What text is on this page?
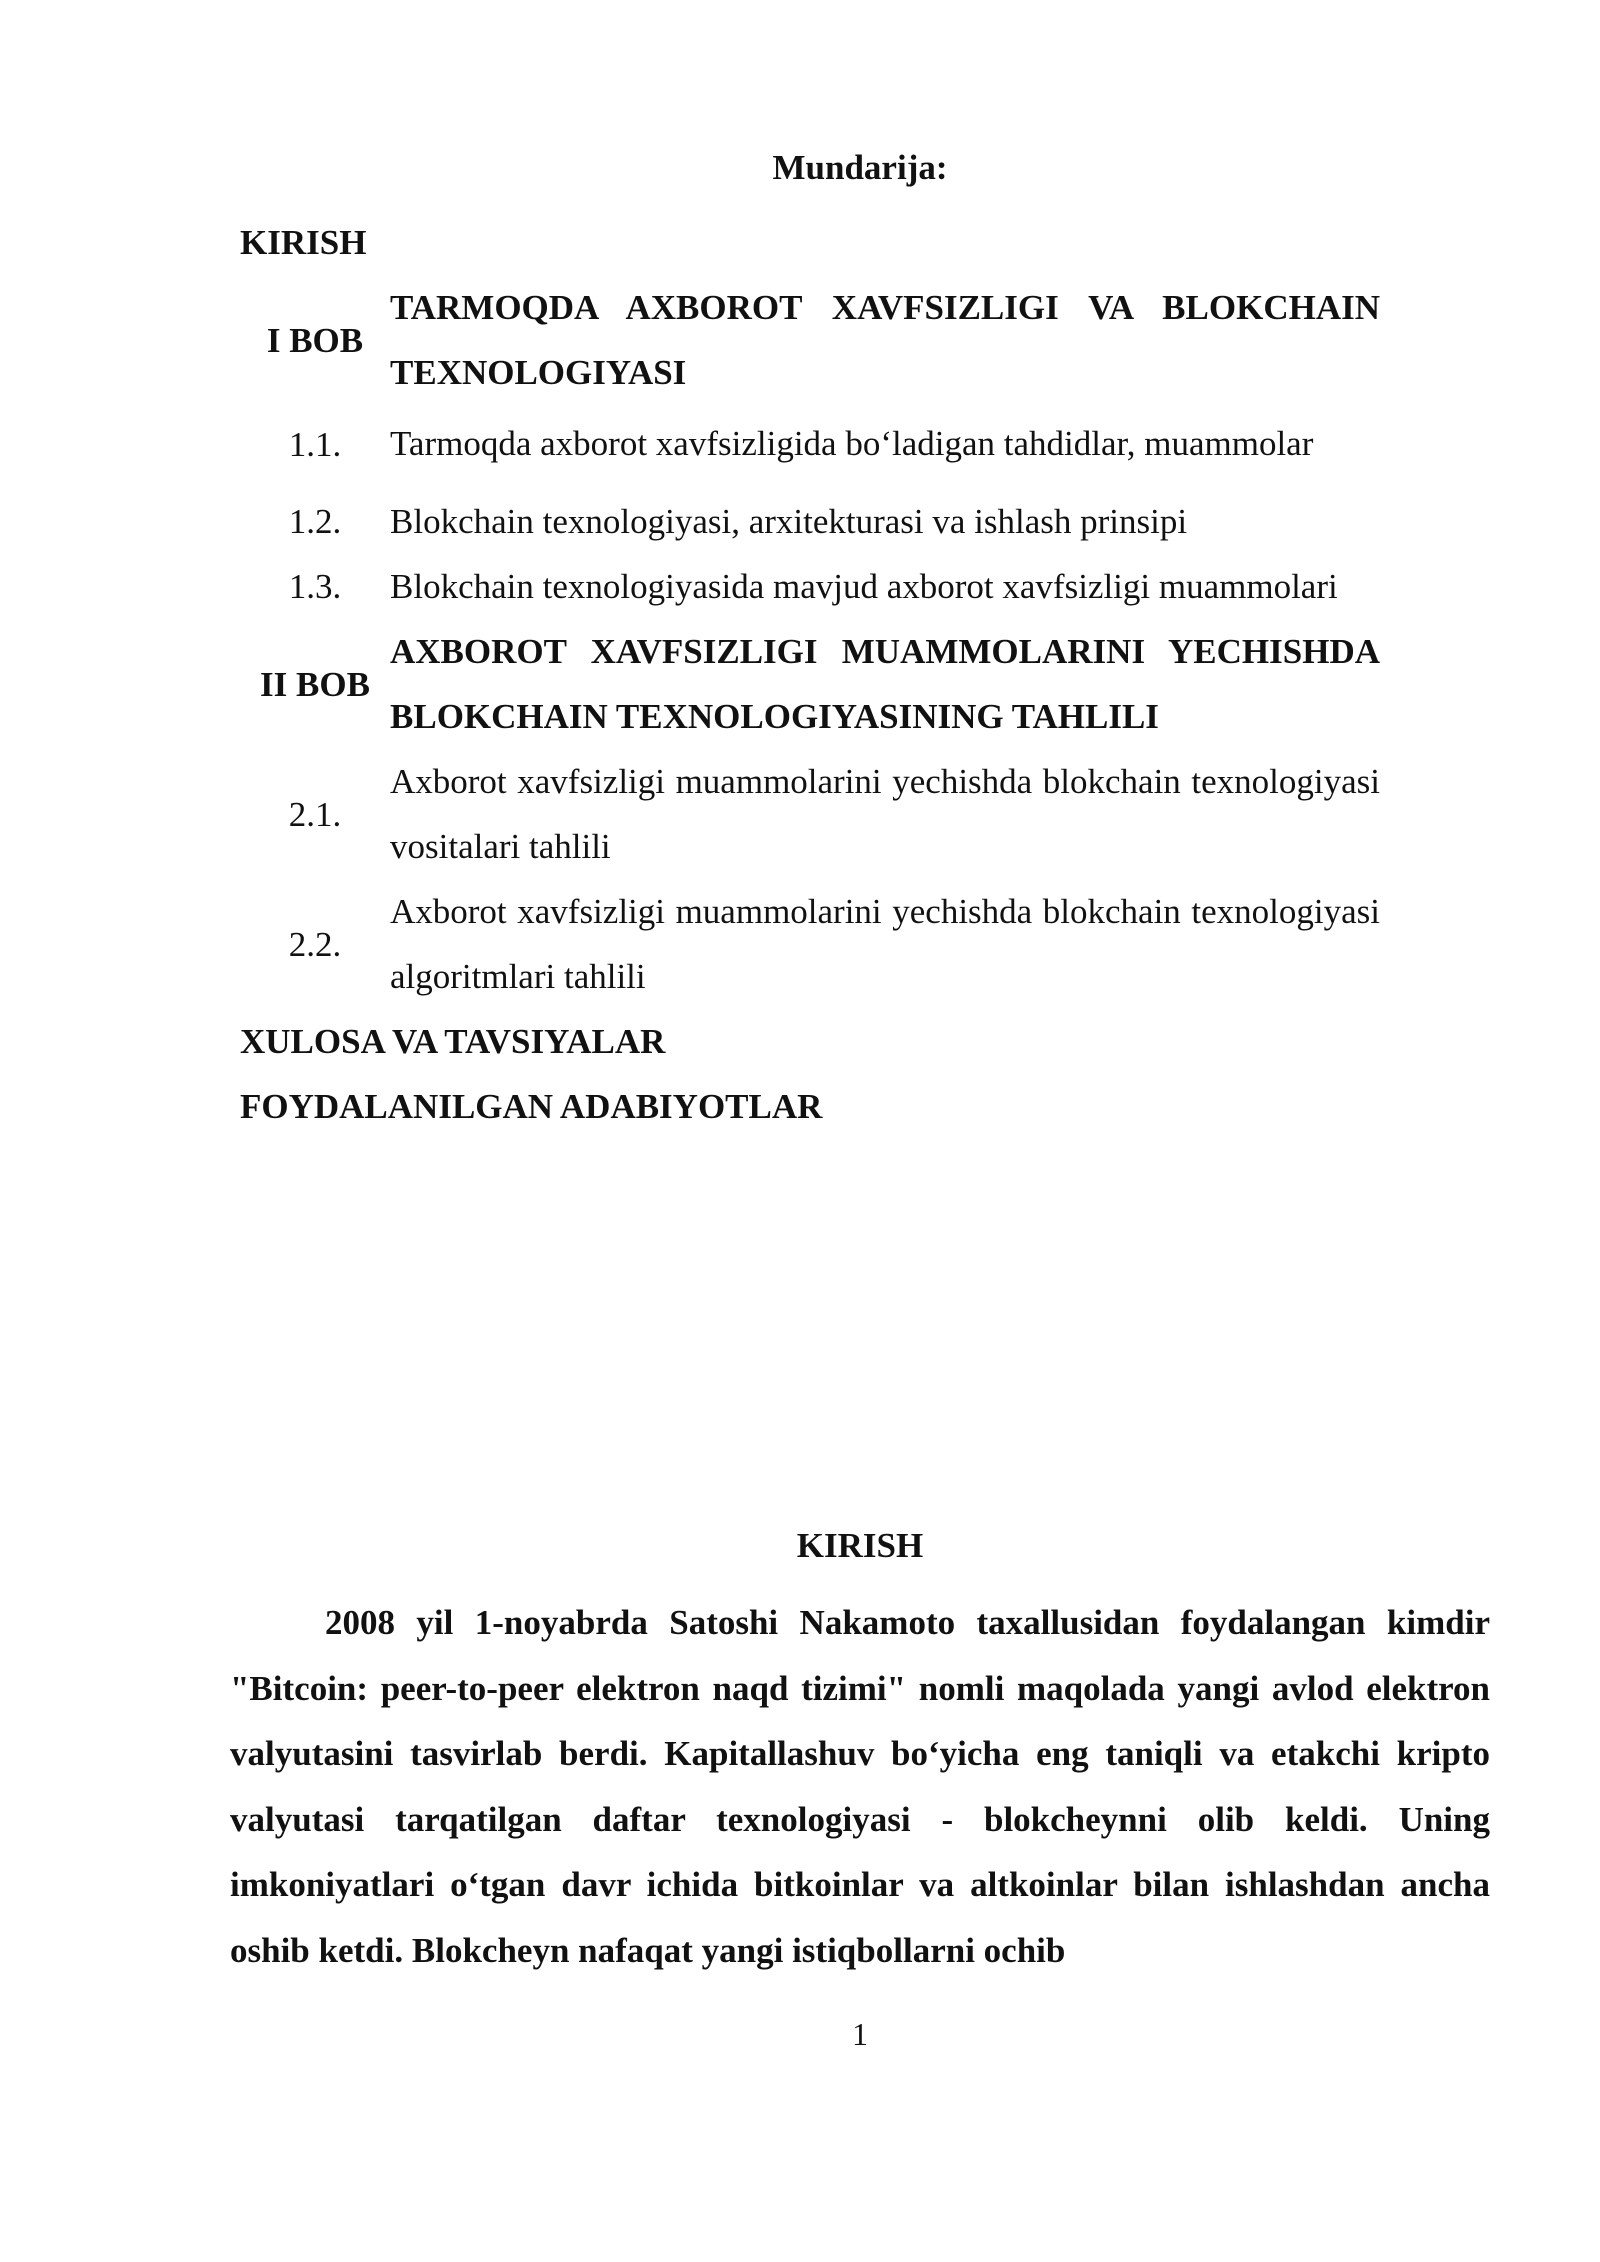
Mundarija:
KIRISH	
I BOB	TARMOQDA AXBOROT XAVFSIZLIGI VA BLOKCHAIN TEXNOLOGIYASI
1.1.	Tarmoqda axborot xavfsizligida bo‘ladigan tahdidlar, muammolar
1.2.	Blokchain texnologiyasi, arxitekturasi va ishlash prinsipi
1.3.	Blokchain texnologiyasida mavjud axborot xavfsizligi muammolari
II BOB	AXBOROT XAVFSIZLIGI MUAMMOLARINI YECHISHDA BLOKCHAIN TEXNOLOGIYASINING TAHLILI
2.1.	Axborot xavfsizligi muammolarini yechishda blokchain texnologiyasi vositalari tahlili
2.2.	Axborot xavfsizligi muammolarini yechishda blokchain texnologiyasi algoritmlari tahlili
XULOSA VA TAVSIYALAR	
FOYDALANILGAN ADABIYOTLAR	
KIRISH

2008 yil 1-noyabrda Satoshi Nakamoto taxallusidan foydalangan kimdir "Bitcoin: peer-to-peer elektron naqd tizimi" nomli maqolada yangi avlod elektron valyutasini tasvirlab berdi. Kapitallashuv bo‘yicha eng taniqli va etakchi kripto valyutasi tarqatilgan daftar texnologiyasi - blokcheynni olib keldi. Uning imkoniyatlari o‘tgan davr ichida bitkoinlar va altkoinlar bilan ishlashdan ancha oshib ketdi. Blokcheyn nafaqat yangi istiqbollarni ochib

1
